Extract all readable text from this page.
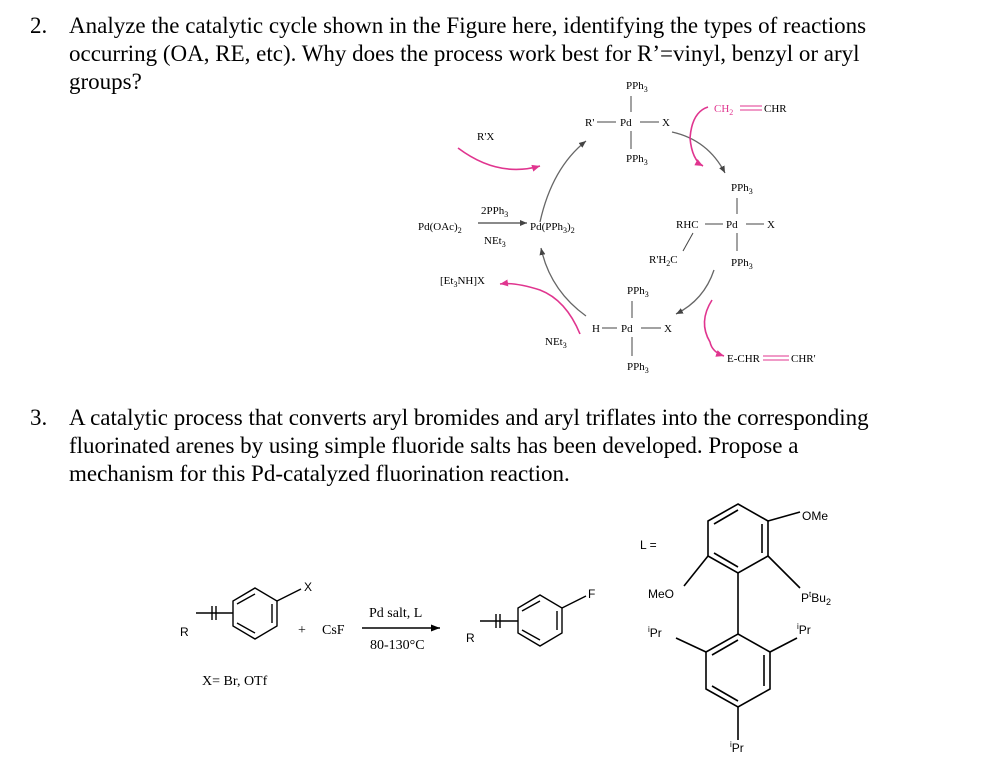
2. Analyze the catalytic cycle shown in the Figure here, identifying the types of reactions
occurring (OA, RE, etc). Why does the process work best for R’=vinyl, benzyl or aryl
groups?
3. A catalytic process that converts aryl bromides and aryl triflates into the corresponding
fluorinated arenes by using simple fluoride salts has been developed. Propose a
mechanism for this Pd-catalyzed fluorination reaction.
$Pd(OAc)_2$
2PPh$_3$
NEt$_3$
$Pd(PPh_3)_2$
R'X
$[Et_3NH]X$
NEt$_3$
PPh$_3$
R' Pd	X
PPh$_3$
$CH_2$	CHR
PPh$_3$
RHC Pd	X
PPh$_3$
$R'H_2C$
PPh$_3$
H Pd	X
PPh$_3$
E-CHR	CHR'
R
X
+ CsF
Pd salt, L
80-130°C	R
F
X= Br, OTf
L =
OMe
MeO	$P^tBu_2$
$^i$Pr	$^i$Pr
$^i$Pr
